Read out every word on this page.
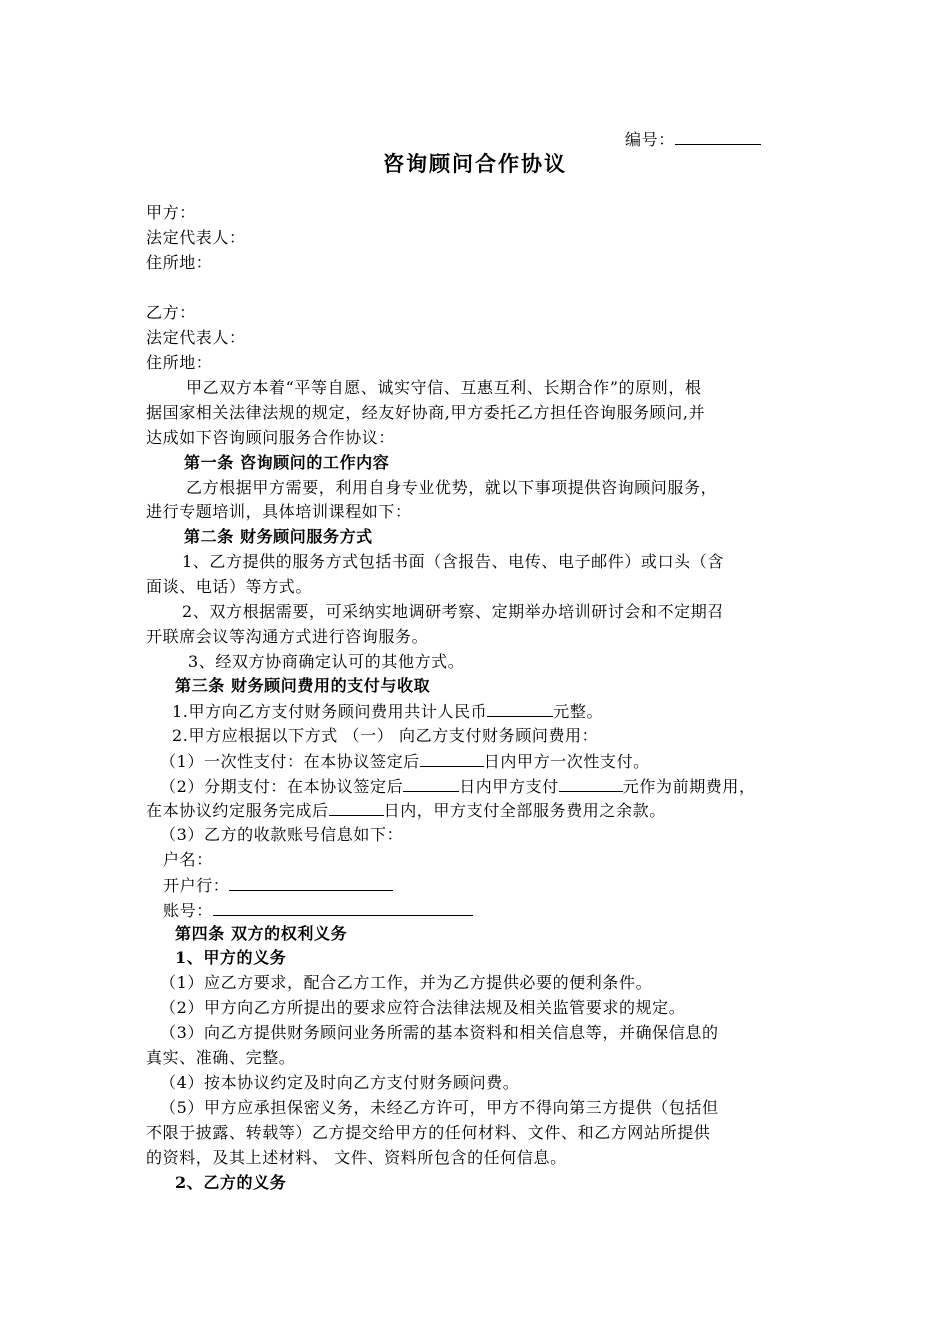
编号：
咨询顾问合作协议
甲方：
法定代表人：
住所地：
乙方：
法定代表人：
住所地：
甲乙双方本着“平等自愿、诚实守信、互惠互利、长期合作”的原则，根
据国家相关法律法规的规定，经友好协商,甲方委托乙方担任咨询服务顾问,并
达成如下咨询顾问服务合作协议：
第一条 咨询顾问的工作内容
乙方根据甲方需要，利用自身专业优势，就以下事项提供咨询顾问服务，
进行专题培训，具体培训课程如下：
第二条 财务顾问服务方式
1、乙方提供的服务方式包括书面（含报告、电传、电子邮件）或口头（含
面谈、电话）等方式。
2、双方根据需要，可采纳实地调研考察、定期举办培训研讨会和不定期召
开联席会议等沟通方式进行咨询服务。
3、经双方协商确定认可的其他方式。
第三条 财务顾问费用的支付与收取
1.甲方向乙方支付财务顾问费用共计人民币	元整。
2.甲方应根据以下方式 （一） 向乙方支付财务顾问费用：
（1）一次性支付：在本协议签定后	日内甲方一次性支付。
（2）分期支付：在本协议签定后	日内甲方支付	元作为前期费用，
在本协议约定服务完成后	日内，甲方支付全部服务费用之余款。
（3）乙方的收款账号信息如下：
户名：
开户行：
账号：
第四条 双方的权利义务
1、甲方的义务
（1）应乙方要求，配合乙方工作，并为乙方提供必要的便利条件。
（2）甲方向乙方所提出的要求应符合法律法规及相关监管要求的规定。
（3）向乙方提供财务顾问业务所需的基本资料和相关信息等，并确保信息的
真实、准确、完整。
（4）按本协议约定及时向乙方支付财务顾问费。
（5）甲方应承担保密义务，未经乙方许可，甲方不得向第三方提供（包括但
不限于披露、转载等）乙方提交给甲方的任何材料、文件、和乙方网站所提供
的资料，及其上述材料、 文件、资料所包含的任何信息。
2、乙方的义务
